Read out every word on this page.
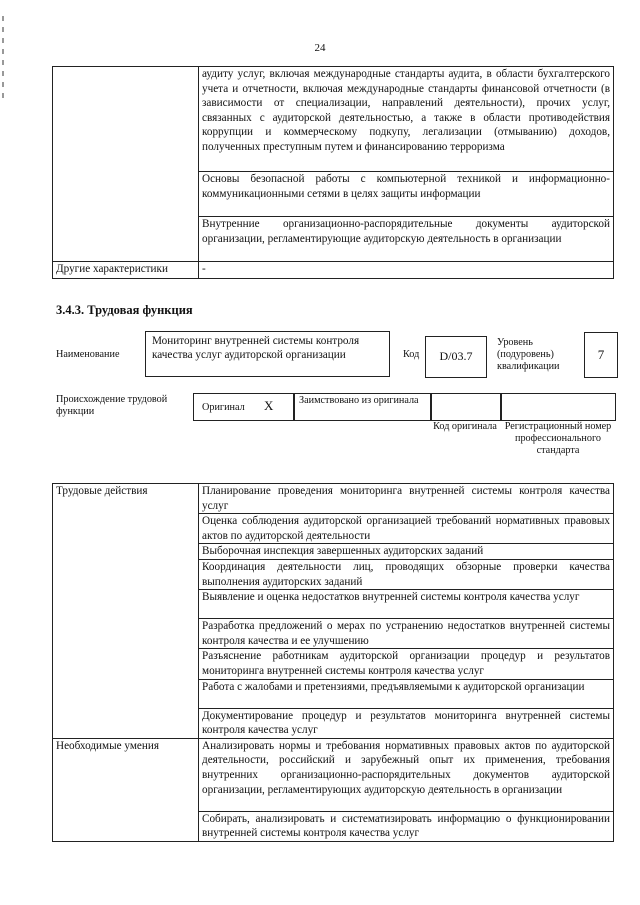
24
	аудиту услуг, включая международные стандарты аудита, в области бухгалтерского учета и отчетности, включая международные стандарты финансовой отчетности (в зависимости от специализации, направлений деятельности), прочих услуг, связанных с аудиторской деятельностью, а также в области противодействия коррупции и коммерческому подкупу, легализации (отмыванию) доходов, полученных преступным путем и финансированию терроризма
	Основы безопасной работы с компьютерной техникой и информационно-коммуникационными сетями в целях защиты информации
	Внутренние организационно-распорядительные документы аудиторской организации, регламентирующие аудиторскую деятельность в организации
Другие характеристики	-
3.4.3. Трудовая функция
Наименование
Мониторинг внутренней системы контроля качества услуг аудиторской организации	Код	D/03.7
Уровень (подуровень) квалификации
7
Происхождение трудовой функции	Оригинал X	Заимствовано из оригинала
Код оригинала Регистрационный номер профессионального стандарта
Трудовые действия	Планирование проведения мониторинга внутренней системы контроля качества услуг
	Оценка соблюдения аудиторской организацией требований нормативных правовых актов по аудиторской деятельности
	Выборочная инспекция завершенных аудиторских заданий
	Координация деятельности лиц, проводящих обзорные проверки качества выполнения аудиторских заданий
	Выявление и оценка недостатков внутренней системы контроля качества услуг
	Разработка предложений о мерах по устранению недостатков внутренней системы контроля качества и ее улучшению
	Разъяснение работникам аудиторской организации процедур и результатов мониторинга внутренней системы контроля качества услуг
	Работа с жалобами и претензиями, предъявляемыми к аудиторской организации
	Документирование процедур и результатов мониторинга внутренней системы контроля качества услуг
Необходимые умения	Анализировать нормы и требования нормативных правовых актов по аудиторской деятельности, российский и зарубежный опыт их применения, требования внутренних организационно-распорядительных документов аудиторской организации, регламентирующих аудиторскую деятельность в организации
	Собирать, анализировать и систематизировать информацию о функционировании внутренней системы контроля качества услуг
